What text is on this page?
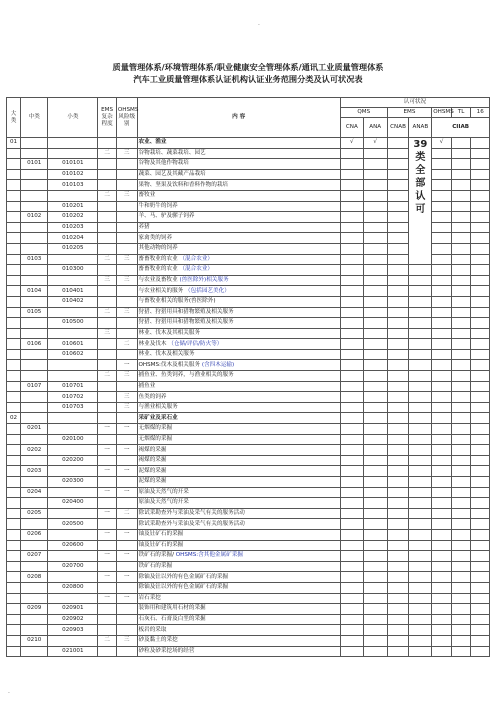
·
质量管理体系/环境管理体系/职业健康安全管理体系/通讯工业质量管理体系
汽车工业质量管理体系认证机构认证业务范围分类及认可状况表
大类	中类	小类	EMS复杂程度	OHSMS风险级别	内 容	认可状况						
						QMS		EMS		OHSMS	TL	16
						CNA	ANA	CNAB	ANAB	CIIAB		
01					农业、渔业	√	√		39类全部认可	√		
			二	三	谷物栽培、蔬菜栽培、园艺							
	0101	010101			谷物及其他作物栽培							
		010102			蔬菜、园艺及其藏产品栽培							
		010103			果物、坚果及饮料和香料作物的栽培							
			二	三	畜牧业							
		010201			牛和奶牛的饲养							
	0102	010202			羊、马、驴及骡子饲养							
		010203			养猪							
		010204			家禽类的饲养							
		010205			其他动物的饲养							
	0103		二	三	畜畜牧业的农业 （混合农业）							
		010300			畜畜牧业的农业 （混合农业）							
			三	三	与农业及畜牧业 (兽医除外)相关服务							
	0104	010401			与农业相关的服务 （包括园艺美化）							
		010402			与畜牧业相关的服务(兽医除外)							
	0105		二	三	狩猎、狩猎用具和猎物繁殖及相关服务							
		010500			狩猎、狩猎用具和猎物繁殖及相关服务							
			三		林业、伐木及其相关服务							
	0106	010601		二	林业及伐木 （仓储/评估/防火等）							
		010602			林业、伐木及相关服务							
				一	OHSMS:伐木及相关服务 (含四木运输)							
			二	三	捕鱼业、鱼类饲养，与渔业相关的服务							
	0107	010701			捕鱼业							
		010702		三	鱼类的饲养							
		010703		三	与渔业相关服务							
02					采矿业及采石业							
	0201		一	一	无烟煤的采掘							
		020100			无烟煤的采掘							
	0202		一	一	褐煤的采掘							
		020200			褐煤的采掘							
	0203		一	一	泥煤的采掘							
		020300			泥煤的采掘							
	0204		一	一	原油及天然气的开采							
		020400			原油及天然气的开采							
	0205		一	二	除试采勘查外与采油及采气有关的服务活动							
		020500			除试采勘查外与采油及采气有关的服务活动							
	0206		一	一	铀及钍矿石的采掘							
		020600			铀及钍矿石的采掘							
	0207		一	一	铁矿石的采掘/ OHSMS:含其他金属矿采掘							
		020700			铁矿石的采掘							
	0208		一	一	除铀及钍以外的有色金属矿石的采掘							
		020800			除铀及钍以外的有色金属矿石的采掘							
			一	一	岩石采挖							
	0209	020901			装饰用和建筑用石材的采掘							
		020902			石灰石、石膏及白垩的采掘							
		020903			板岩的采取							
	0210		二	三	砂及黏土的采挖							
		021001			砂粒及砂采挖场的经营							
·
